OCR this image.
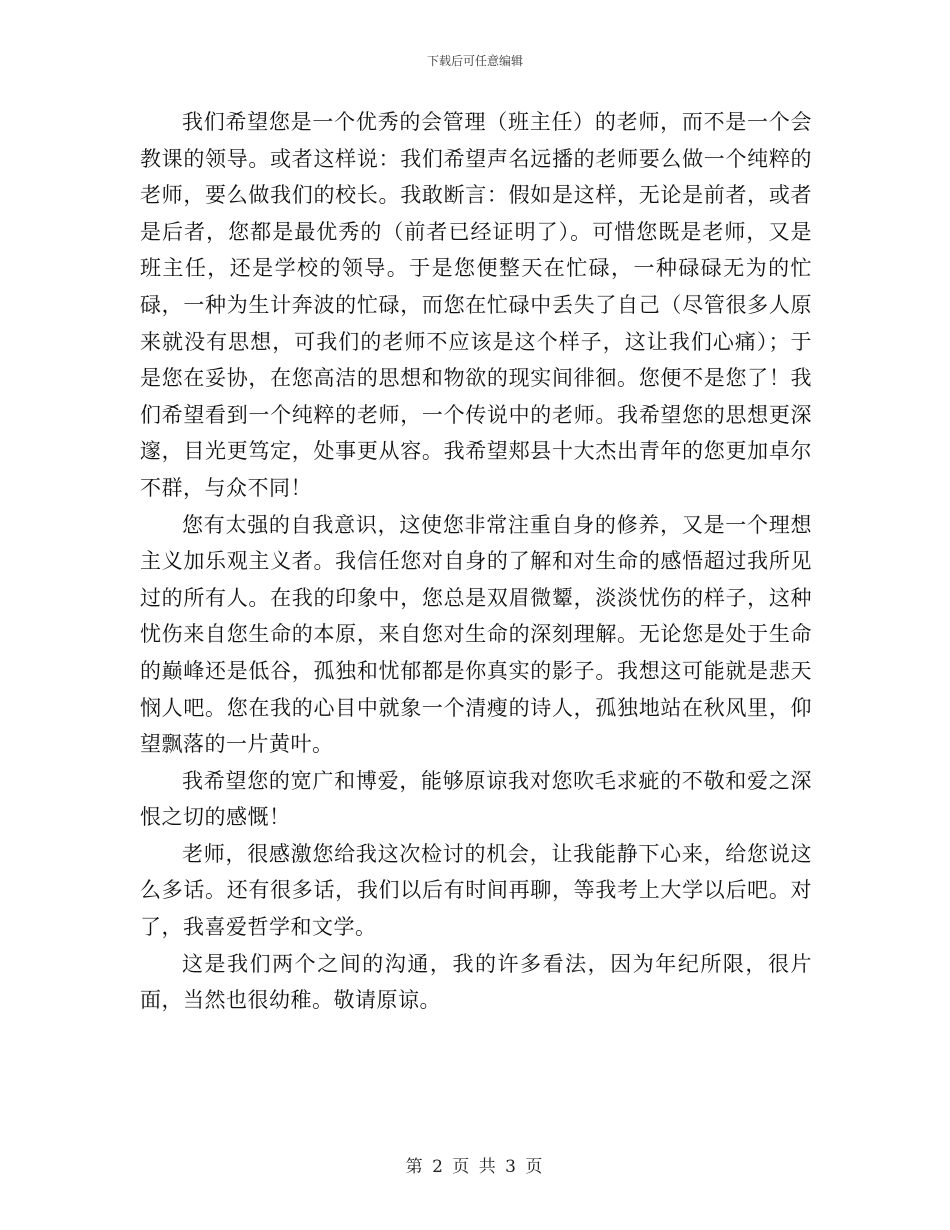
下载后可任意编辑

我们希望您是一个优秀的会管理（班主任）的老师，而不是一个会教课的领导。或者这样说：我们希望声名远播的老师要么做一个纯粹的老师，要么做我们的校长。我敢断言：假如是这样，无论是前者，或者是后者，您都是最优秀的（前者已经证明了）。可惜您既是老师，又是班主任，还是学校的领导。于是您便整天在忙碌，一种碌碌无为的忙碌，一种为生计奔波的忙碌，而您在忙碌中丢失了自己（尽管很多人原来就没有思想，可我们的老师不应该是这个样子，这让我们心痛）；于是您在妥协，在您高洁的思想和物欲的现实间徘徊。您便不是您了！我们希望看到一个纯粹的老师，一个传说中的老师。我希望您的思想更深邃，目光更笃定，处事更从容。我希望郏县十大杰出青年的您更加卓尔不群，与众不同！

您有太强的自我意识，这使您非常注重自身的修养，又是一个理想主义加乐观主义者。我信任您对自身的了解和对生命的感悟超过我所见过的所有人。在我的印象中，您总是双眉微颦，淡淡忧伤的样子，这种忧伤来自您生命的本原，来自您对生命的深刻理解。无论您是处于生命的巅峰还是低谷，孤独和忧郁都是你真实的影子。我想这可能就是悲天悯人吧。您在我的心目中就象一个清瘦的诗人，孤独地站在秋风里，仰望飘落的一片黄叶。

我希望您的宽广和博爱，能够原谅我对您吹毛求疵的不敬和爱之深恨之切的感慨！

老师，很感激您给我这次检讨的机会，让我能静下心来，给您说这么多话。还有很多话，我们以后有时间再聊，等我考上大学以后吧。对了，我喜爱哲学和文学。

这是我们两个之间的沟通，我的许多看法，因为年纪所限，很片面，当然也很幼稚。敬请原谅。

第 2 页 共 3 页
